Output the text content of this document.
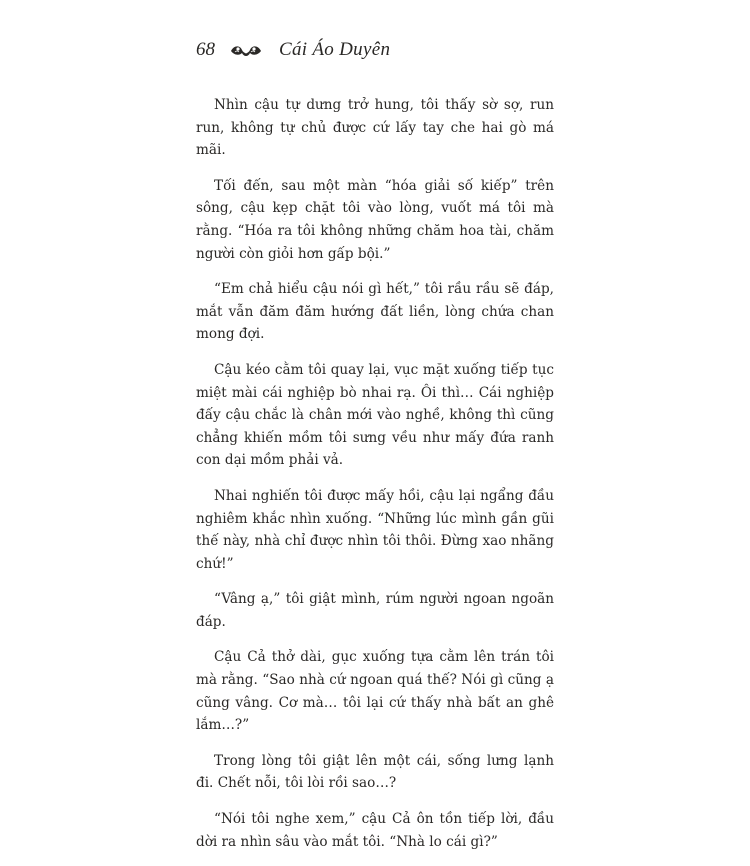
68	Cái Áo Duyên

Nhìn cậu tự dưng trở hung, tôi thấy sờ sợ, run run, không tự chủ được cứ lấy tay che hai gò má mãi.

Tối đến, sau một màn “hóa giải số kiếp” trên sông, cậu kẹp chặt tôi vào lòng, vuốt má tôi mà rằng. “Hóa ra tôi không những chăm hoa tài, chăm người còn giỏi hơn gấp bội.”

“Em chả hiểu cậu nói gì hết,” tôi rầu rầu sẽ đáp, mắt vẫn đăm đăm hướng đất liền, lòng chứa chan mong đợi.

Cậu kéo cằm tôi quay lại, vục mặt xuống tiếp tục miệt mài cái nghiệp bò nhai rạ. Ôi thì… Cái nghiệp đấy cậu chắc là chân mới vào nghề, không thì cũng chẳng khiến mồm tôi sưng vều như mấy đứa ranh con dại mồm phải vả.

Nhai nghiến tôi được mấy hồi, cậu lại ngẩng đầu nghiêm khắc nhìn xuống. “Những lúc mình gần gũi thế này, nhà chỉ được nhìn tôi thôi. Đừng xao nhãng chứ!”

“Vâng ạ,” tôi giật mình, rúm người ngoan ngoãn đáp.

Cậu Cả thở dài, gục xuống tựa cằm lên trán tôi mà rằng. “Sao nhà cứ ngoan quá thế? Nói gì cũng ạ cũng vâng. Cơ mà… tôi lại cứ thấy nhà bất an ghê lắm…?”

Trong lòng tôi giật lên một cái, sống lưng lạnh đi. Chết nỗi, tôi lòi rồi sao…?

“Nói tôi nghe xem,” cậu Cả ôn tồn tiếp lời, đầu dời ra nhìn sâu vào mắt tôi. “Nhà lo cái gì?”
